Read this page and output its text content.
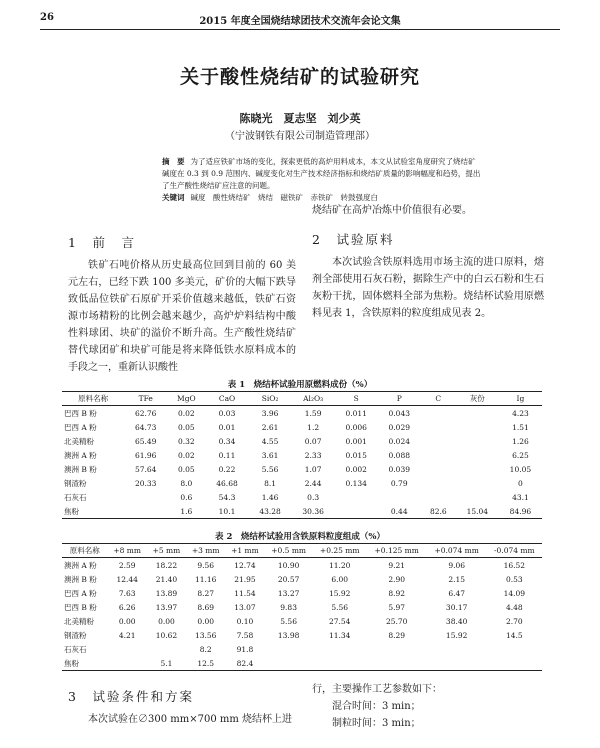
26	2015 年度全国烧结球团技术交流年会论文集
关于酸性烧结矿的试验研究
陈晓光　夏志坚　刘少英
（宁波钢铁有限公司制造管理部）
摘　要 为了适应铁矿市场的变化，探索更低的高炉用料成本，本文从试验室角度研究了烧结矿碱度在 0.3 到 0.9 范围内、碱度变化对生产技术经济指标和烧结矿质量的影响幅度和趋势，提出了生产酸性烧结矿应注意的问题。
关键词 碱度　酸性烧结矿　烧结　磁铁矿　赤铁矿　转鼓强度白
1　前　言

铁矿石吨价格从历史最高位回到目前的 60 美元左右，已经下跌 100 多美元，矿价的大幅下跌导致低品位铁矿石原矿开采价值越来越低，铁矿石资源市场精粉的比例会越来越少，高炉炉料结构中酸性料球团、块矿的溢价不断升高。生产酸性烧结矿替代球团矿和块矿可能是将来降低铁水原料成本的手段之一，重新认识酸性

烧结矿在高炉冶炼中价值很有必要。

2　试验原料

本次试验含铁原料选用市场主流的进口原料，熔剂全部使用石灰石粉，据除生产中的白云石粉和生石灰粉干扰，固体燃料全部为焦粉。烧结杯试验用原燃料见表 1，含铁原料的粒度组成见表 2。

表 1　烧结杯试验用原燃料成份（%）
原料名称	TFe	MgO	CaO	SiO₂	Al₂O₃	S	P	C	灰份	Ig
巴西 B 粉	62.76	0.02	0.03	3.96	1.59	0.011	0.043			4.23
巴西 A 粉	64.73	0.05	0.01	2.61	1.2	0.006	0.029			1.51
北美精粉	65.49	0.32	0.34	4.55	0.07	0.001	0.024			1.26
澳洲 A 粉	61.96	0.02	0.11	3.61	2.33	0.015	0.088			6.25
澳洲 B 粉	57.64	0.05	0.22	5.56	1.07	0.002	0.039			10.05
钢渣粉	20.33	8.0	46.68	8.1	2.44	0.134	0.79			0
石灰石		0.6	54.3	1.46	0.3					43.1
焦粉		1.6	10.1	43.28	30.36		0.44	82.6	15.04	84.96
表 2　烧结杯试验用含铁原料粒度组成（%）
原料名称	+8 mm	+5 mm	+3 mm	+1 mm	+0.5 mm	+0.25 mm	+0.125 mm	+0.074 mm	-0.074 mm
澳洲 A 粉	2.59	18.22	9.56	12.74	10.90	11.20	9.21	9.06	16.52
澳洲 B 粉	12.44	21.40	11.16	21.95	20.57	6.00	2.90	2.15	0.53
巴西 A 粉	7.63	13.89	8.27	11.54	13.27	15.92	8.92	6.47	14.09
巴西 B 粉	6.26	13.97	8.69	13.07	9.83	5.56	5.97	30.17	4.48
北美精粉	0.00	0.00	0.00	0.10	5.56	27.54	25.70	38.40	2.70
钢渣粉	4.21	10.62	13.56	7.58	13.98	11.34	8.29	15.92	14.5
石灰石			8.2	91.8					
焦粉		5.1	12.5	82.4					
3　试验条件和方案

本次试验在∅300 mm×700 mm 烧结杯上进

行，主要操作工艺参数如下：
混合时间：3 min；
制粒时间：3 min；
